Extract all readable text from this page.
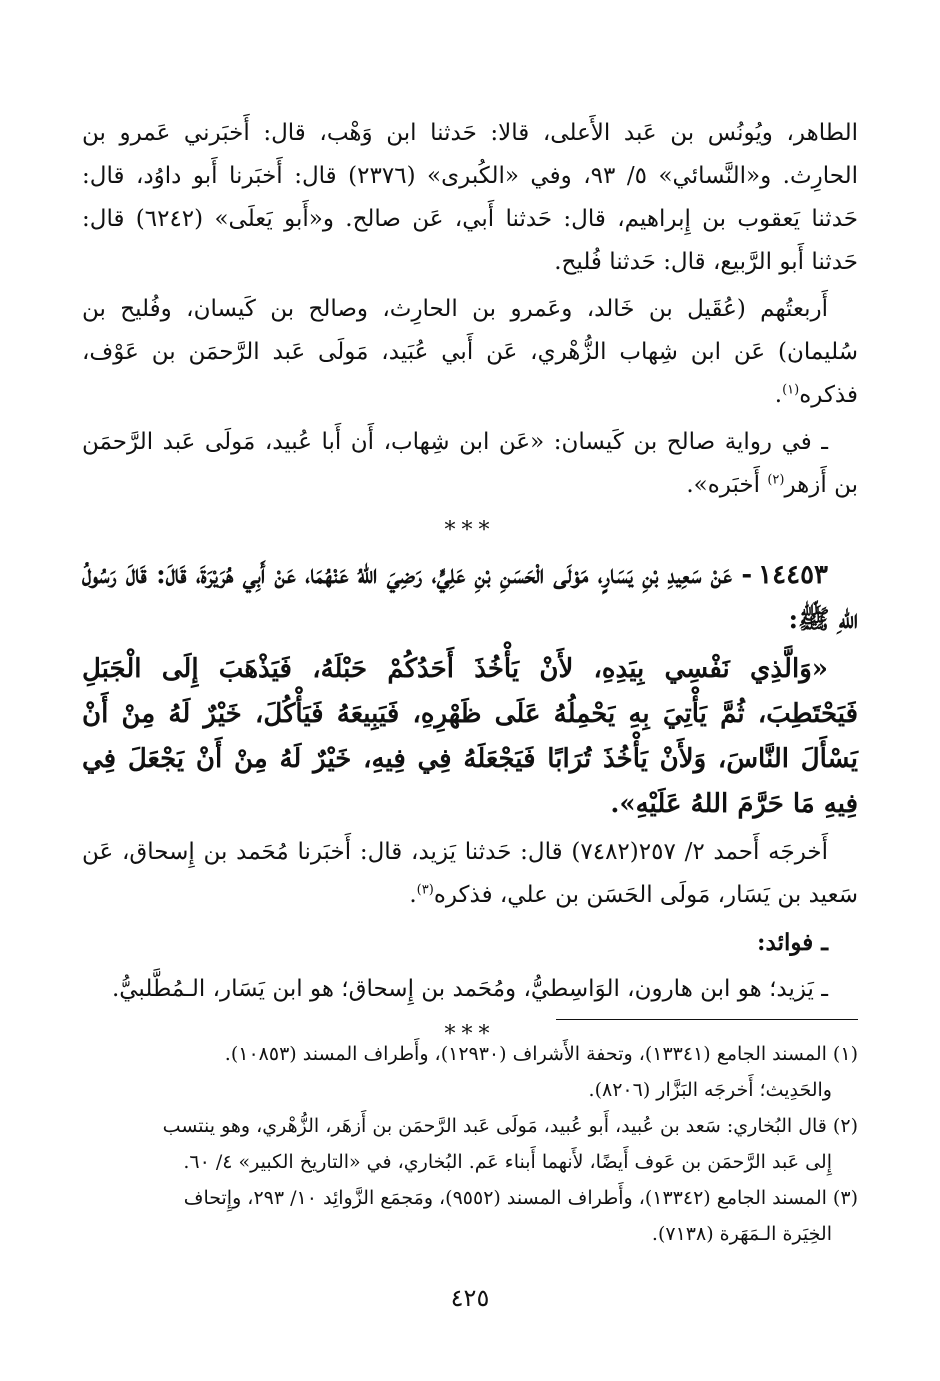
الطاهر، ويُونُس بن عَبد الأَعلى، قالا: حَدثنا ابن وَهْب، قال: أَخبَرني عَمرو بن الحارِث. و«النَّسائي» ٥/ ٩٣، وفي «الكُبرى» (٢٣٧٦) قال: أَخبَرنا أَبو داوُد، قال: حَدثنا يَعقوب بن إِبراهيم، قال: حَدثنا أَبي، عَن صالح. و«أَبو يَعلَى» (٦٢٤٢) قال: حَدثنا أَبو الرَّبيع، قال: حَدثنا فُليح.

أَربعتُهم (عُقَيل بن خَالد، وعَمرو بن الحارِث، وصالح بن كَيسان، وفُليح بن سُليمان) عَن ابن شِهاب الزُّهْري، عَن أَبي عُبَيد، مَولَى عَبد الرَّحمَن بن عَوْف، فذكره$^{(١)}$.

ـ في رواية صالح بن كَيسان: «عَن ابن شِهاب، أَن أَبا عُبيد، مَولَى عَبد الرَّحمَن بن أَزهر$^{(٢)}$ أَخبَره».

***

١٤٤٥٣- عَنْ سَعِيدِ بْنِ يَسَارٍ، مَوْلَى الْحَسَنِ بْنِ عَلِيٍّ، رَضِيَ اللهُ عَنْهُمَا، عَنْ أَبِي هُرَيْرَةَ، قَالَ: قَالَ رَسُولُ اللهِ ﷺ:

«وَالَّذِي نَفْسِي بِيَدِهِ، لأَنْ يَأْخُذَ أَحَدُكُمْ حَبْلَهُ، فَيَذْهَبَ إِلَى الْجَبَلِ فَيَحْتَطِبَ، ثُمَّ يَأْتِيَ بِهِ يَحْمِلُهُ عَلَى ظَهْرِهِ، فَيَبِيعَهُ فَيَأْكُلَ، خَيْرٌ لَهُ مِنْ أَنْ يَسْأَلَ النَّاسَ، وَلأَنْ يَأْخُذَ تُرَابًا فَيَجْعَلَهُ فِي فِيهِ، خَيْرٌ لَهُ مِنْ أَنْ يَجْعَلَ فِي فِيهِ مَا حَرَّمَ اللهُ عَلَيْهِ».

أَخرجَه أَحمد ٢/ ٢٥٧(٧٤٨٢) قال: حَدثنا يَزيد، قال: أَخبَرنا مُحَمد بن إِسحاق، عَن سَعيد بن يَسَار، مَولَى الحَسَن بن علي، فذكره$^{(٣)}$.

ـ فوائد:

ـ يَزيد؛ هو ابن هارون، الوَاسِطيُّ، ومُحَمد بن إِسحاق؛ هو ابن يَسَار، الـمُطَّلبيُّ.

***

(١) المسند الجامع (١٣٣٤١)، وتحفة الأَشراف (١٢٩٣٠)، وأَطراف المسند (١٠٨٥٣).

والحَدِيث؛ أَخرجَه البَزَّار (٨٢٠٦).

(٢) قال البُخاري: سَعد بن عُبيد، أَبو عُبيد، مَولَى عَبد الرَّحمَن بن أَزهَر، الزُّهْري، وهو ينتسب

إِلى عَبد الرَّحمَن بن عَوف أَيضًا، لأَنهما أَبناء عَم. البُخاري، في «التاريخ الكبير» ٤/ ٦٠.

(٣) المسند الجامع (١٣٣٤٢)، وأَطراف المسند (٩٥٥٢)، ومَجمَع الزَّوائِد ١٠/ ٢٩٣، وإِتحاف

الخِيَرة الـمَهَرة (٧١٣٨).

٤٢٥
